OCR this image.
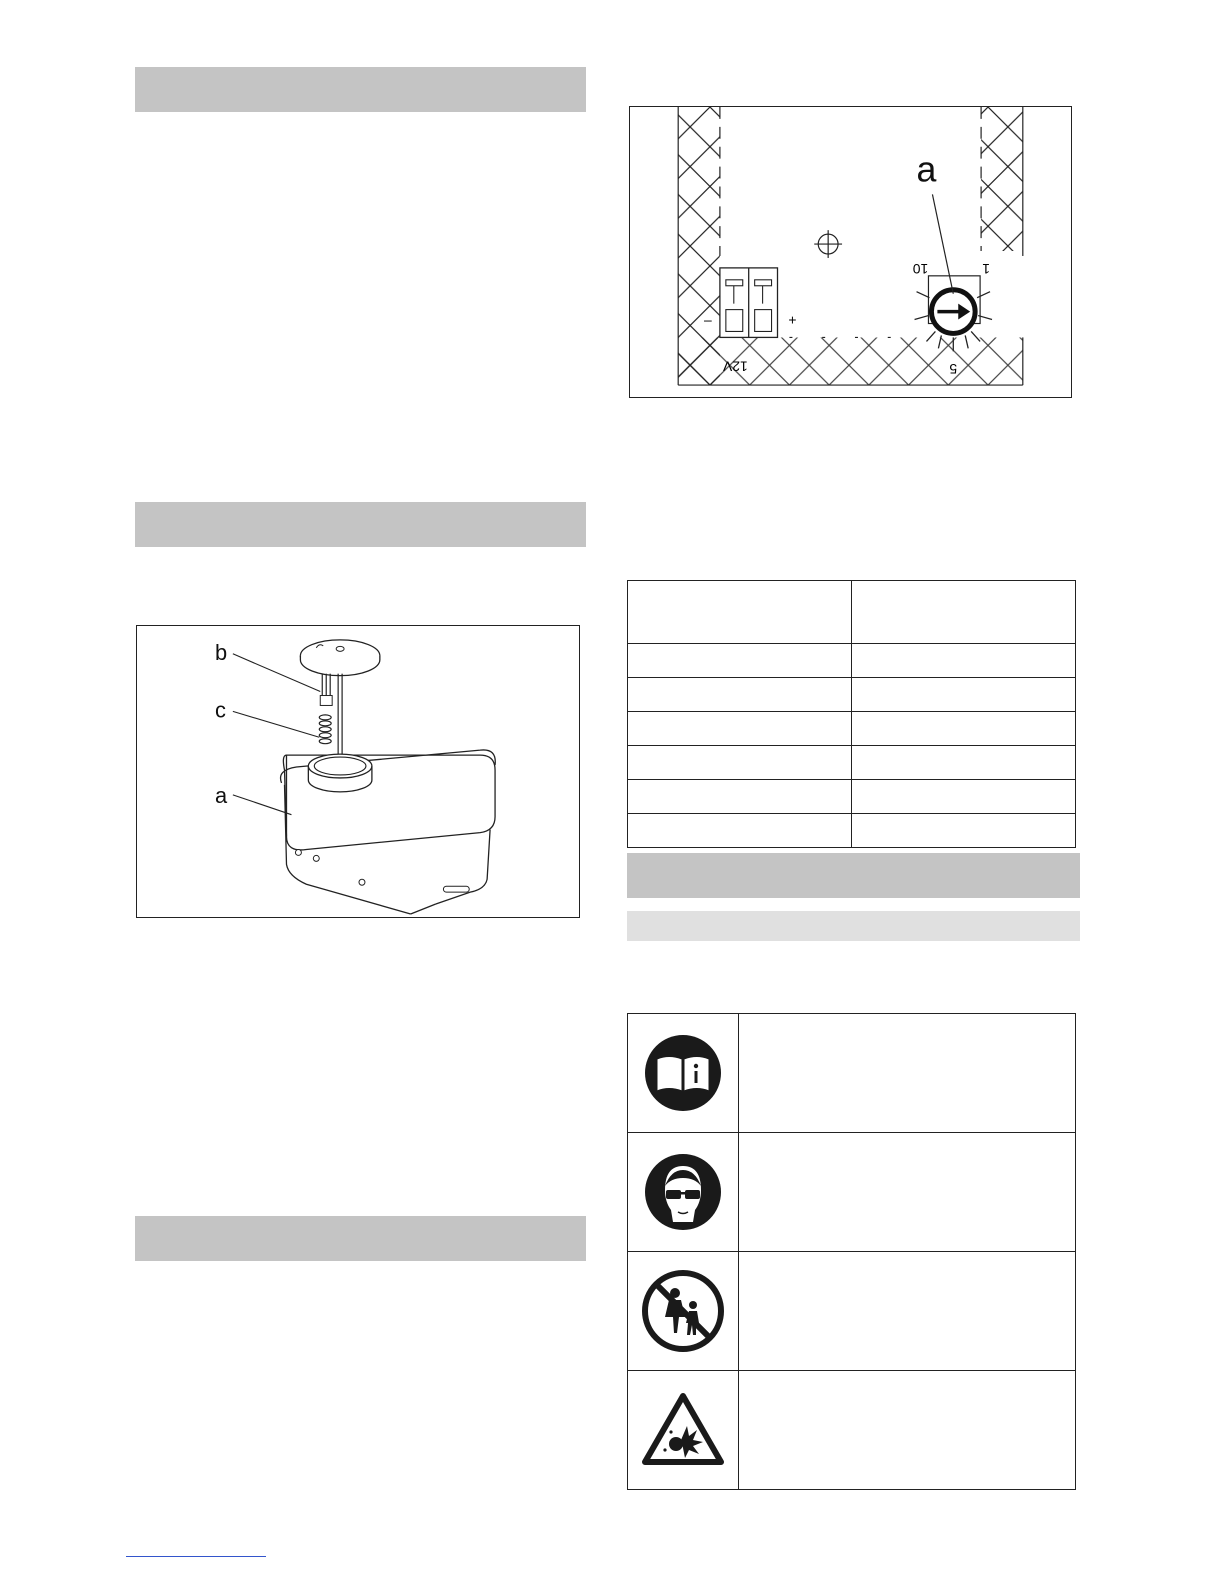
b
c
a
–	+
12V
10	1
5
a
